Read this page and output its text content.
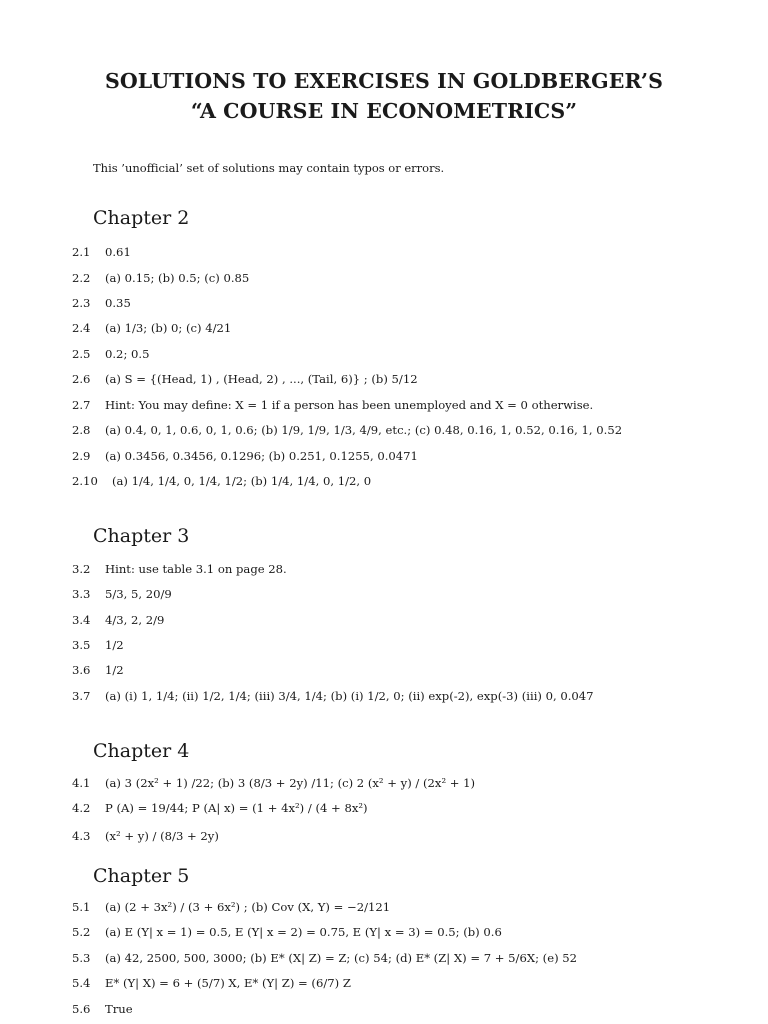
SOLUTIONS TO EXERCISES IN GOLDBERGER’S
“A COURSE IN ECONOMETRICS”
This ’unofficial’ set of solutions may contain typos or errors.
Chapter 2
2.1 0.61
2.2 (a) 0.15; (b) 0.5; (c) 0.85
2.3 0.35
2.4 (a) 1/3; (b) 0; (c) 4/21
2.5 0.2; 0.5
2.6 (a) S = {(Head, 1) , (Head, 2) , ..., (Tail, 6)} ; (b) 5/12
2.7 Hint: You may define: X = 1 if a person has been unemployed and X = 0 otherwise.
2.8 (a) 0.4, 0, 1, 0.6, 0, 1, 0.6; (b) 1/9, 1/9, 1/3, 4/9, etc.; (c) 0.48, 0.16, 1, 0.52, 0.16, 1, 0.52
2.9 (a) 0.3456, 0.3456, 0.1296; (b) 0.251, 0.1255, 0.0471
2.10 (a) 1/4, 1/4, 0, 1/4, 1/2; (b) 1/4, 1/4, 0, 1/2, 0
Chapter 3
3.2 Hint: use table 3.1 on page 28.
3.3 5/3, 5, 20/9
3.4 4/3, 2, 2/9
3.5 1/2
3.6 1/2
3.7 (a) (i) 1, 1/4; (ii) 1/2, 1/4; (iii) 3/4, 1/4; (b) (i) 1/2, 0; (ii) exp(-2), exp(-3) (iii) 0, 0.047
Chapter 4
4.1 (a) 3 (2x² + 1) /22; (b) 3 (8/3 + 2y) /11; (c) 2 (x² + y) / (2x² + 1)
4.2 P (A) = 19/44; P (A| x) = (1 + 4x²) / (4 + 8x²)
4.3 (x² + y) / (8/3 + 2y)
Chapter 5
5.1 (a) (2 + 3x²) / (3 + 6x²) ; (b) Cov (X, Y) = −2/121
5.2 (a) E (Y| x = 1) = 0.5, E (Y| x = 2) = 0.75, E (Y| x = 3) = 0.5; (b) 0.6
5.3 (a) 42, 2500, 500, 3000; (b) E* (X| Z) = Z; (c) 54; (d) E* (Z| X) = 7 + 5/6X; (e) 52
5.4 E* (Y| X) = 6 + (5/7) X, E* (Y| Z) = (6/7) Z
5.6 True
